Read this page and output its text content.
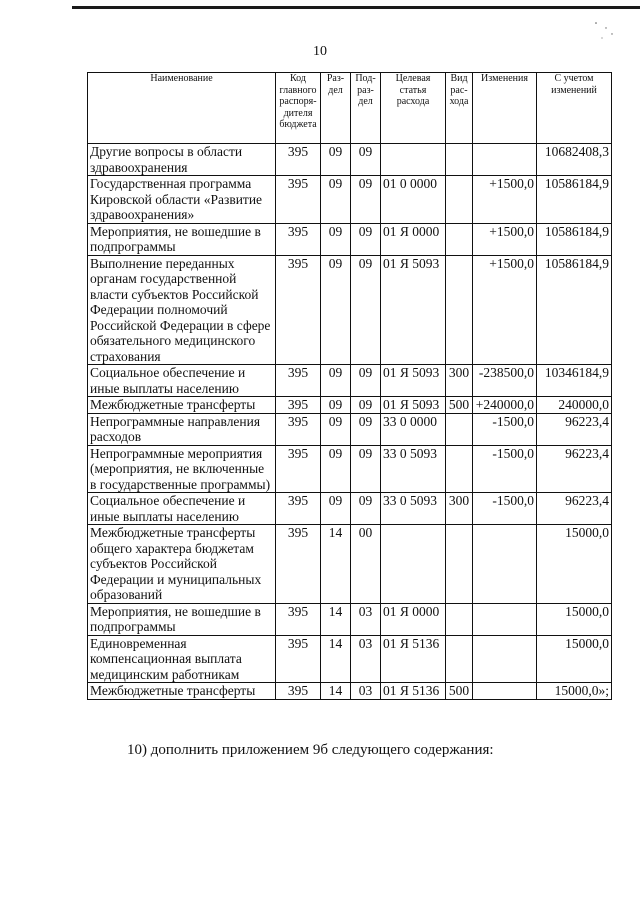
10
Наименование	Код главного распоря-дителя бюджета	Раз-дел	Под-раз-дел	Целевая статья расхода	Вид рас-хода	Изменения	С учетом изменений
Другие вопросы в области здравоохранения	395	09	09				10682408,3
Государственная программа Кировской области «Развитие здравоохранения»	395	09	09	01 0 0000		+1500,0	10586184,9
Мероприятия, не вошедшие в подпрограммы	395	09	09	01 Я 0000		+1500,0	10586184,9
Выполнение переданных органам государственной власти субъектов Российской Федерации полномочий Российской Федерации в сфере обязательного медицинского страхования	395	09	09	01 Я 5093		+1500,0	10586184,9
Социальное обеспечение и иные выплаты населению	395	09	09	01 Я 5093	300	-238500,0	10346184,9
Межбюджетные трансферты	395	09	09	01 Я 5093	500	+240000,0	240000,0
Непрограммные направления расходов	395	09	09	33 0 0000		-1500,0	96223,4
Непрограммные мероприятия (мероприятия, не включенные в государственные программы)	395	09	09	33 0 5093		-1500,0	96223,4
Социальное обеспечение и иные выплаты населению	395	09	09	33 0 5093	300	-1500,0	96223,4
Межбюджетные трансферты общего характера бюджетам субъектов Российской Федерации и муниципальных образований	395	14	00				15000,0
Мероприятия, не вошедшие в подпрограммы	395	14	03	01 Я 0000			15000,0
Единовременная компенсационная выплата медицинским работникам	395	14	03	01 Я 5136			15000,0
Межбюджетные трансферты	395	14	03	01 Я 5136	500		15000,0»;
10) дополнить приложением 9б следующего содержания:
